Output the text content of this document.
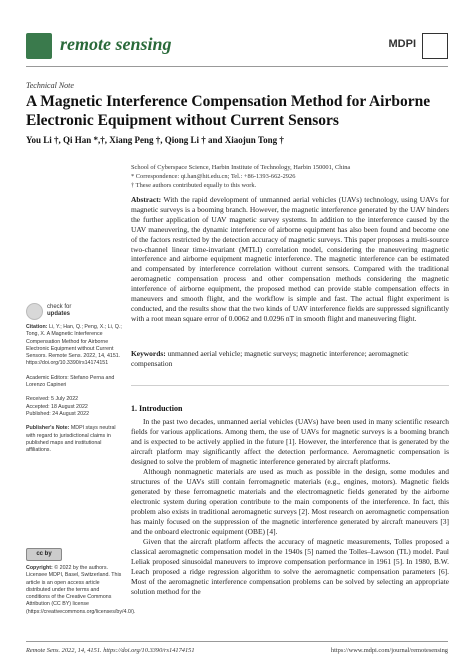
remote sensing	MDPI
Technical Note
A Magnetic Interference Compensation Method for Airborne Electronic Equipment without Current Sensors
You Li †, Qi Han *,†, Xiang Peng †, Qiong Li † and Xiaojun Tong †
School of Cyberspace Science, Harbin Institute of Technology, Harbin 150001, China
* Correspondence: qi.han@hit.edu.cn; Tel.: +86-1393-662-2926
† These authors contributed equally to this work.
Abstract: With the rapid development of unmanned aerial vehicles (UAVs) technology, using UAVs for magnetic surveys is a booming branch. However, the magnetic interference generated by the UAV hinders the further application of UAV magnetic survey systems. In addition to the interference caused by the UAV maneuvering, the dynamic interference of airborne equipment has also been found and become one of the factors restricted by the detection accuracy of magnetic surveys. This paper proposes a multi-source two-channel linear time-invariant (MTLI) correlation model, considering the maneuvering magnetic interference and airborne equipment magnetic interference. The magnetic interference can be estimated and compensated by interference correlation without current sensors. Compared with the traditional aeromagnetic compensation process and other compensation methods considering the magnetic interference of airborne equipment, the proposed method can provide stable compensation effects in maneuvers and smooth flight, and the workflow is simple and fast. The actual flight experiment is conducted, and the results show that the two kinds of UAV interference fields are suppressed significantly with a root mean square error of 0.0062 and 0.0296 nT in smooth flight and maneuvering flight.
Keywords: unmanned aerial vehicle; magnetic surveys; magnetic interference; aeromagnetic compensation
check for
updates
Citation: Li, Y.; Han, Q.; Peng, X.; Li, Q.; Tong, X. A Magnetic Interference Compensation Method for Airborne Electronic Equipment without Current Sensors. Remote Sens. 2022, 14, 4151. https://doi.org/10.3390/rs14174151
Academic Editors: Stefano Perna and Lorenzo Capineri
Received: 5 July 2022
Accepted: 18 August 2022
Published: 24 August 2022
Publisher's Note: MDPI stays neutral with regard to jurisdictional claims in published maps and institutional affiliations.
cc by
Copyright: © 2022 by the authors. Licensee MDPI, Basel, Switzerland. This article is an open access article distributed under the terms and conditions of the Creative Commons Attribution (CC BY) license (https://creativecommons.org/licenses/by/4.0/).
1. Introduction

In the past two decades, unmanned aerial vehicles (UAVs) have been used in many scientific research fields for various applications. Among them, the use of UAVs for magnetic surveys is a booming branch and is expected to be actively applied in the future [1]. However, the interference that is generated by the aircraft platform may significantly affect the detection performance. Aeromagnetic compensation is designed to solve the problem of magnetic interference generated by aircraft platforms.

Although nonmagnetic materials are used as much as possible in the design, some modules and structures of the UAVs still contain ferromagnetic materials (e.g., engines, motors). Magnetic fields generated by these ferromagnetic materials and the electromagnetic fields generated by the airborne electronic system during operation contribute to the main components of the interference. In fact, this problem also exists in traditional aeromagnetic surveys [2]. Most research on aeromagnetic compensation has mainly focused on the suppression of the magnetic interference generated by aircraft maneuvers [3] and the onboard electronic equipment (OBE) [4].

Given that the aircraft platform affects the accuracy of magnetic measurements, Tolles proposed a classical aeromagnetic compensation model in the 1940s [5] named the Tolles–Lawson (TL) model. Paul Leliak proposed sinusoidal maneuvers to improve compensation performance in 1961 [5]. In 1980, B.W. Leach proposed a ridge regression algorithm to solve the aeromagnetic compensation parameters [6]. Most of the aeromagnetic interference compensation problems can be solved by selecting an appropriate solution method for the

Remote Sens. 2022, 14, 4151. https://doi.org/10.3390/rs14174151	https://www.mdpi.com/journal/remotesensing
